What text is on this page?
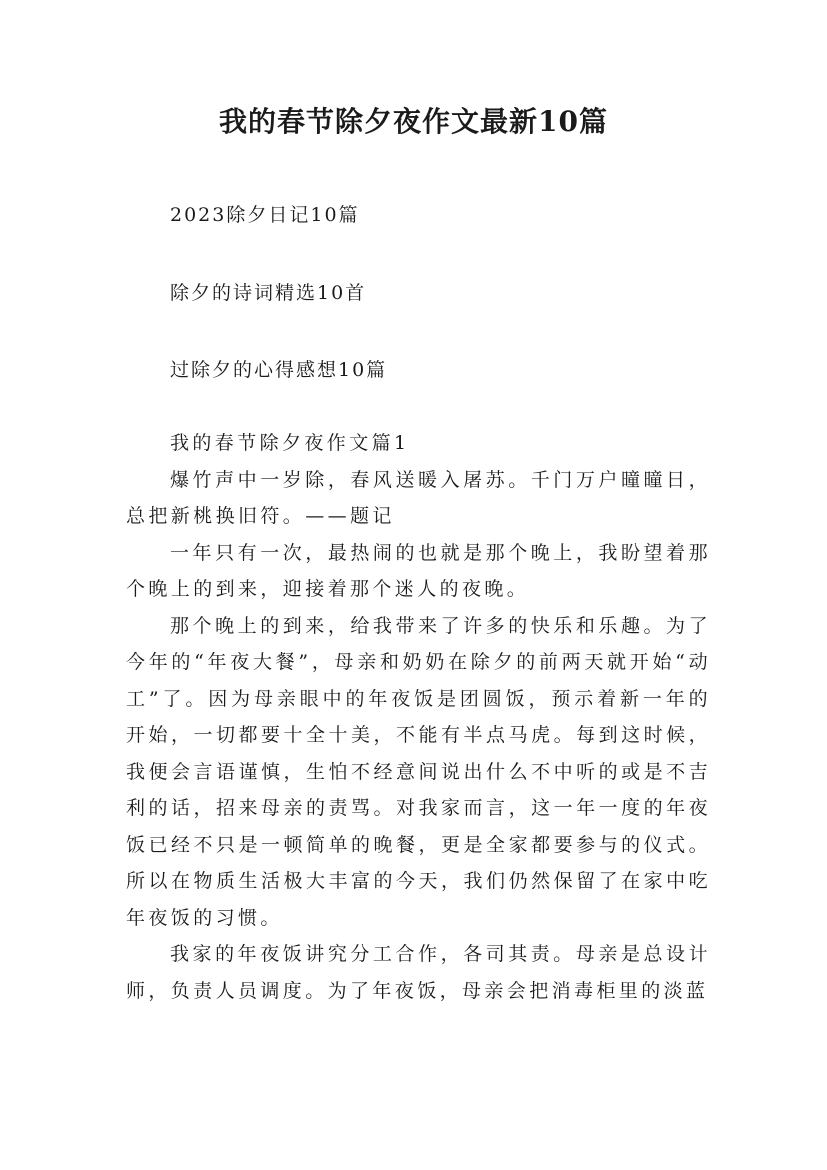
我的春节除夕夜作文最新10篇

2023除夕日记10篇

除夕的诗词精选10首

过除夕的心得感想10篇

我的春节除夕夜作文篇1

爆竹声中一岁除，春风送暖入屠苏。千门万户曈曈日，总把新桃换旧符。——题记

一年只有一次，最热闹的也就是那个晚上，我盼望着那个晚上的到来，迎接着那个迷人的夜晚。

那个晚上的到来，给我带来了许多的快乐和乐趣。为了今年的“年夜大餐”，母亲和奶奶在除夕的前两天就开始“动工”了。因为母亲眼中的年夜饭是团圆饭，预示着新一年的开始，一切都要十全十美，不能有半点马虎。每到这时候，我便会言语谨慎，生怕不经意间说出什么不中听的或是不吉利的话，招来母亲的责骂。对我家而言，这一年一度的年夜饭已经不只是一顿简单的晚餐，更是全家都要参与的仪式。所以在物质生活极大丰富的今天，我们仍然保留了在家中吃年夜饭的习惯。

我家的年夜饭讲究分工合作，各司其责。母亲是总设计师，负责人员调度。为了年夜饭，母亲会把消毒柜里的淡蓝
